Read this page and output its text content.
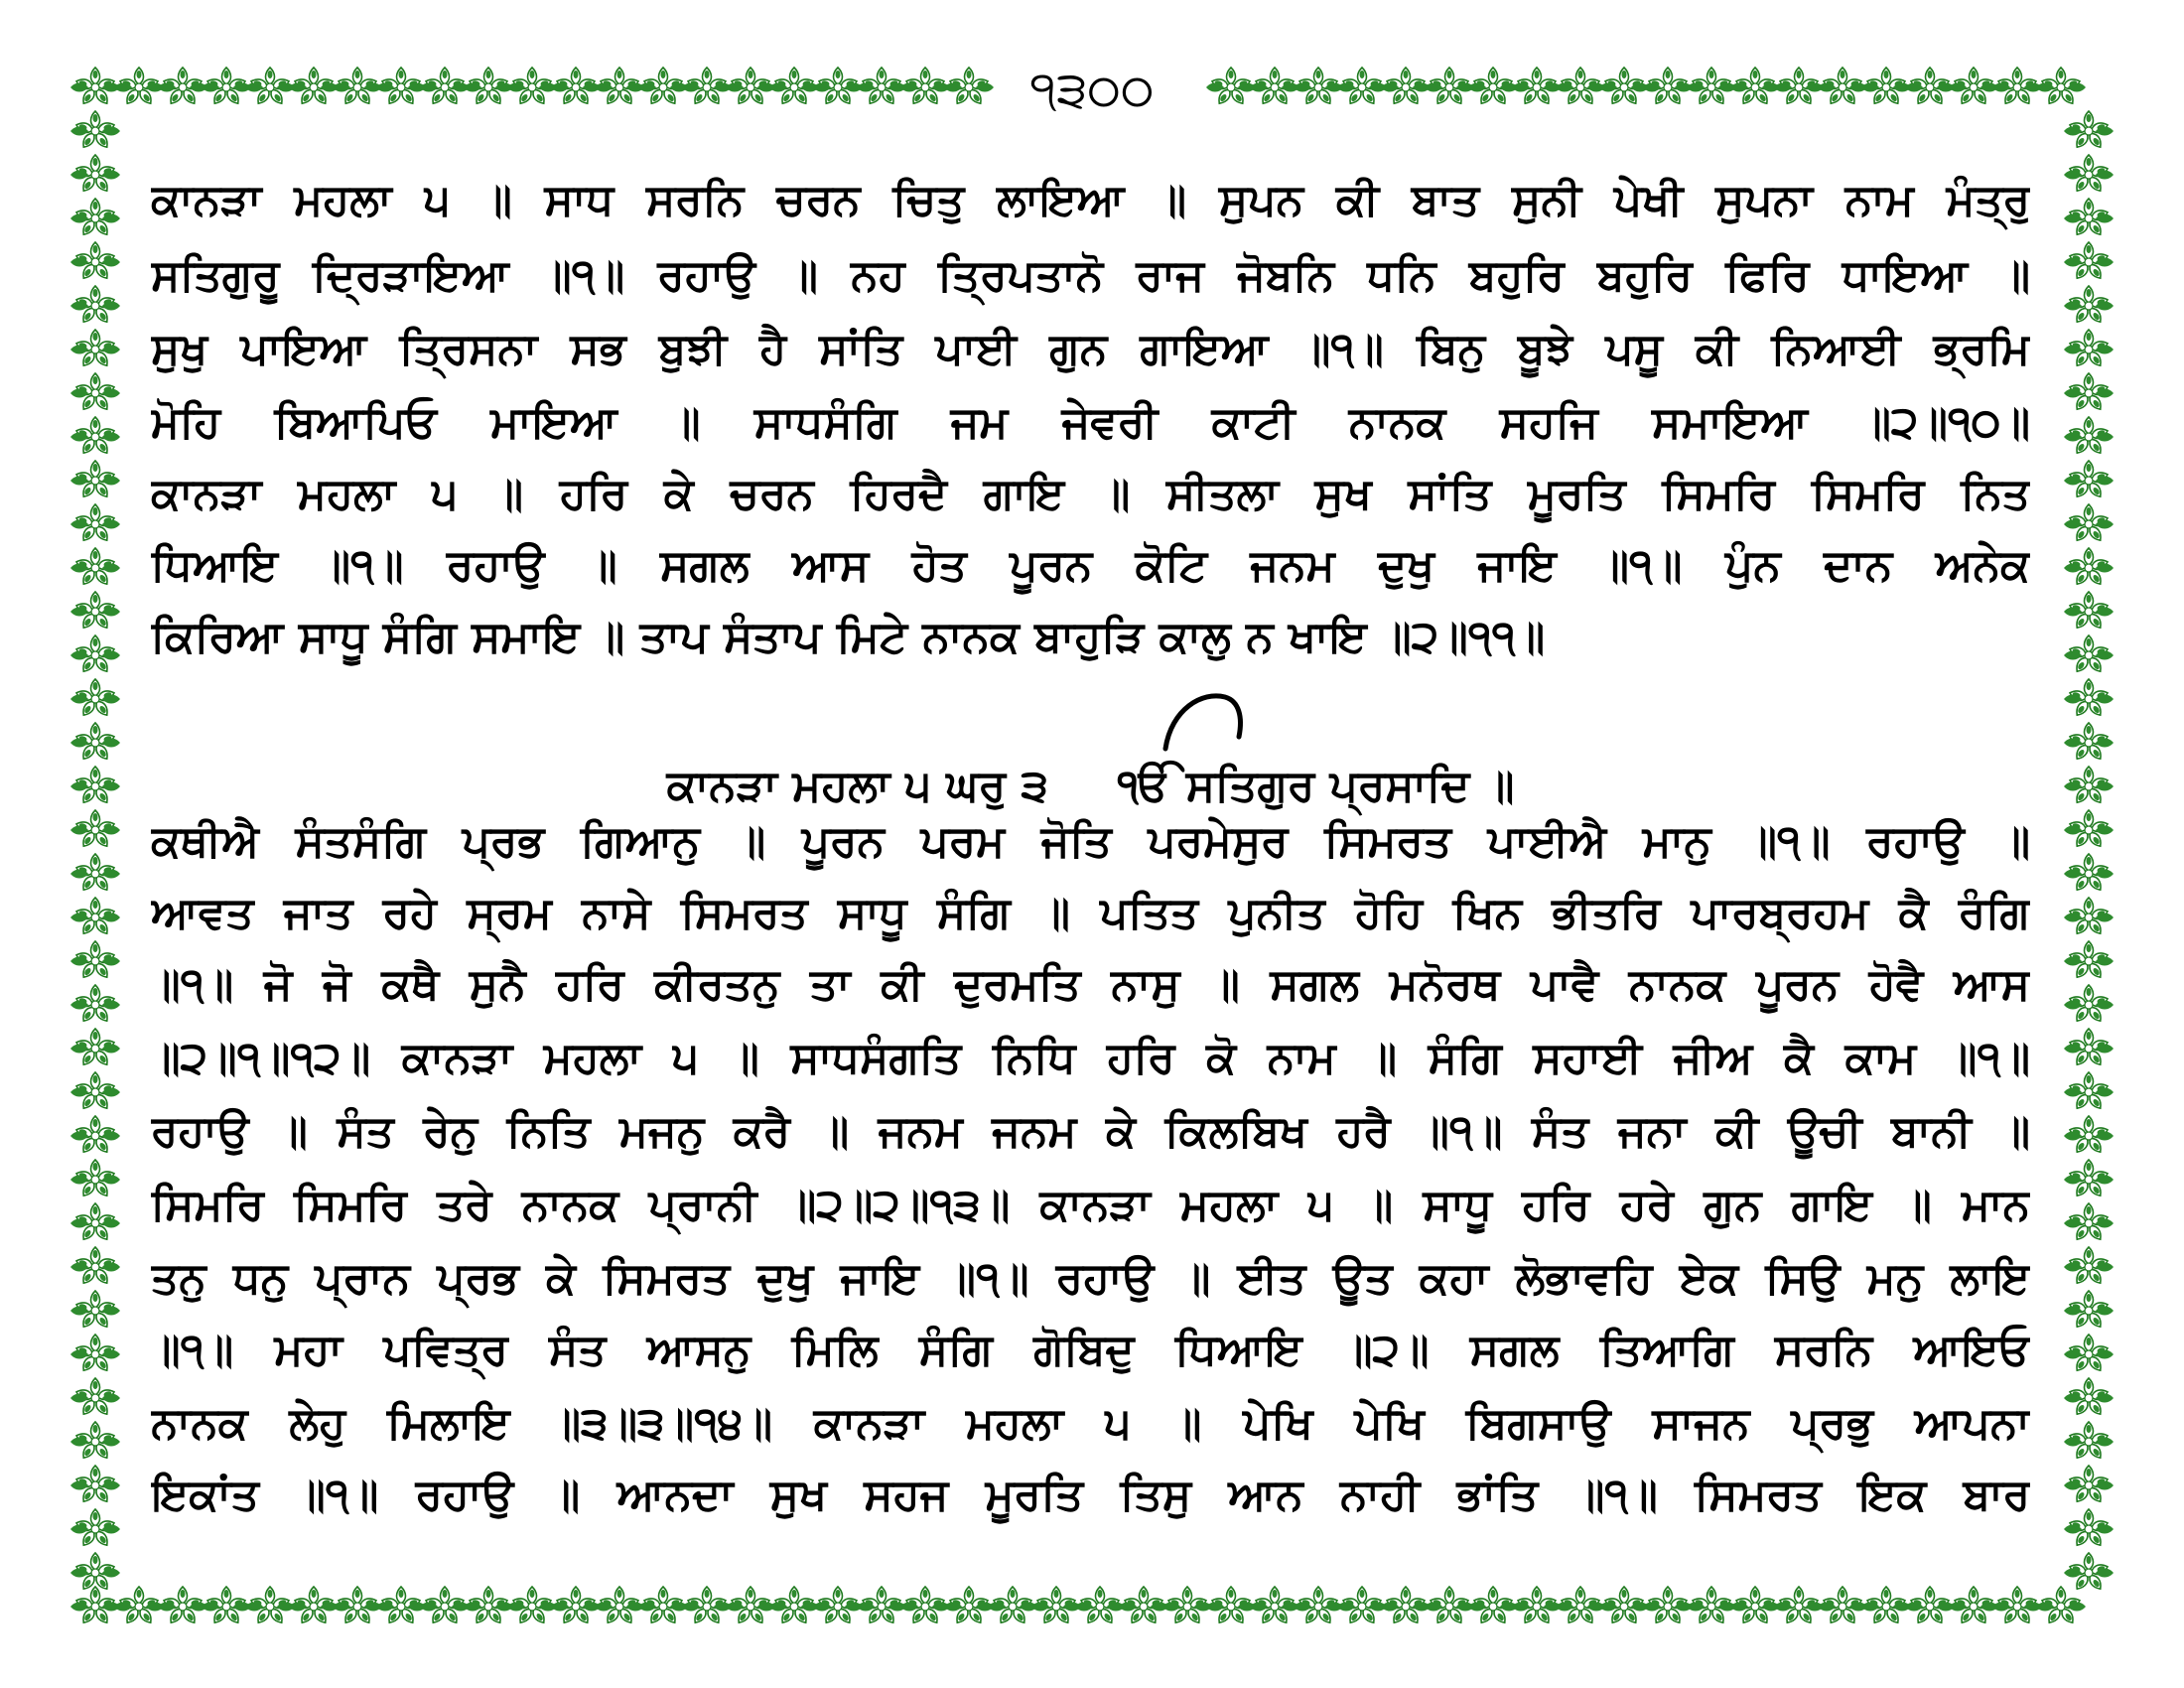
੧੩੦੦
ਕਾਨੜਾ ਮਹਲਾ ੫ ॥ ਸਾਧ ਸਰਨਿ ਚਰਨ ਚਿਤੁ ਲਾਇਆ ॥ ਸੁਪਨ ਕੀ ਬਾਤ ਸੁਨੀ ਪੇਖੀ ਸੁਪਨਾ ਨਾਮ ਮੰਤ੍ਰੁ
ਸਤਿਗੁਰੂ ਦ੍ਰਿੜਾਇਆ ॥੧॥ ਰਹਾਉ ॥ ਨਹ ਤ੍ਰਿਪਤਾਨੋ ਰਾਜ ਜੋਬਨਿ ਧਨਿ ਬਹੁਰਿ ਬਹੁਰਿ ਫਿਰਿ ਧਾਇਆ ॥
ਸੁਖੁ ਪਾਇਆ ਤ੍ਰਿਸਨਾ ਸਭ ਬੁਝੀ ਹੈ ਸਾਂਤਿ ਪਾਈ ਗੁਨ ਗਾਇਆ ॥੧॥ ਬਿਨੁ ਬੂਝੇ ਪਸੂ ਕੀ ਨਿਆਈ ਭ੍ਰਮਿ
ਮੋਹਿ ਬਿਆਪਿਓ ਮਾਇਆ ॥ ਸਾਧਸੰਗਿ ਜਮ ਜੇਵਰੀ ਕਾਟੀ ਨਾਨਕ ਸਹਜਿ ਸਮਾਇਆ ॥੨॥੧੦॥
ਕਾਨੜਾ ਮਹਲਾ ੫ ॥ ਹਰਿ ਕੇ ਚਰਨ ਹਿਰਦੈ ਗਾਇ ॥ ਸੀਤਲਾ ਸੁਖ ਸਾਂਤਿ ਮੂਰਤਿ ਸਿਮਰਿ ਸਿਮਰਿ ਨਿਤ
ਧਿਆਇ ॥੧॥ ਰਹਾਉ ॥ ਸਗਲ ਆਸ ਹੋਤ ਪੂਰਨ ਕੋਟਿ ਜਨਮ ਦੁਖੁ ਜਾਇ ॥੧॥ ਪੁੰਨ ਦਾਨ ਅਨੇਕ
ਕਿਰਿਆ ਸਾਧੂ ਸੰਗਿ ਸਮਾਇ ॥ ਤਾਪ ਸੰਤਾਪ ਮਿਟੇ ਨਾਨਕ ਬਾਹੁੜਿ ਕਾਲੁ ਨ ਖਾਇ ॥੨॥੧੧॥
ਕਾਨੜਾ ਮਹਲਾ ੫ ਘਰੁ ੩ ੴ ਸਤਿਗੁਰ ਪ੍ਰਸਾਦਿ ॥
ਕਥੀਐ ਸੰਤਸੰਗਿ ਪ੍ਰਭ ਗਿਆਨੁ ॥ ਪੂਰਨ ਪਰਮ ਜੋਤਿ ਪਰਮੇਸੁਰ ਸਿਮਰਤ ਪਾਈਐ ਮਾਨੁ ॥੧॥ ਰਹਾਉ ॥
ਆਵਤ ਜਾਤ ਰਹੇ ਸ੍ਰਮ ਨਾਸੇ ਸਿਮਰਤ ਸਾਧੂ ਸੰਗਿ ॥ ਪਤਿਤ ਪੁਨੀਤ ਹੋਹਿ ਖਿਨ ਭੀਤਰਿ ਪਾਰਬ੍ਰਹਮ ਕੈ ਰੰਗਿ
॥੧॥ ਜੋ ਜੋ ਕਥੈ ਸੁਨੈ ਹਰਿ ਕੀਰਤਨੁ ਤਾ ਕੀ ਦੁਰਮਤਿ ਨਾਸੁ ॥ ਸਗਲ ਮਨੋਰਥ ਪਾਵੈ ਨਾਨਕ ਪੂਰਨ ਹੋਵੈ ਆਸ
॥੨॥੧॥੧੨॥ ਕਾਨੜਾ ਮਹਲਾ ੫ ॥ ਸਾਧਸੰਗਤਿ ਨਿਧਿ ਹਰਿ ਕੋ ਨਾਮ ॥ ਸੰਗਿ ਸਹਾਈ ਜੀਅ ਕੈ ਕਾਮ ॥੧॥
ਰਹਾਉ ॥ ਸੰਤ ਰੇਨੁ ਨਿਤਿ ਮਜਨੁ ਕਰੈ ॥ ਜਨਮ ਜਨਮ ਕੇ ਕਿਲਬਿਖ ਹਰੈ ॥੧॥ ਸੰਤ ਜਨਾ ਕੀ ਊਚੀ ਬਾਨੀ ॥
ਸਿਮਰਿ ਸਿਮਰਿ ਤਰੇ ਨਾਨਕ ਪ੍ਰਾਨੀ ॥੨॥੨॥੧੩॥ ਕਾਨੜਾ ਮਹਲਾ ੫ ॥ ਸਾਧੂ ਹਰਿ ਹਰੇ ਗੁਨ ਗਾਇ ॥ ਮਾਨ
ਤਨੁ ਧਨੁ ਪ੍ਰਾਨ ਪ੍ਰਭ ਕੇ ਸਿਮਰਤ ਦੁਖੁ ਜਾਇ ॥੧॥ ਰਹਾਉ ॥ ਈਤ ਊਤ ਕਹਾ ਲੋਭਾਵਹਿ ਏਕ ਸਿਉ ਮਨੁ ਲਾਇ
॥੧॥ ਮਹਾ ਪਵਿਤ੍ਰ ਸੰਤ ਆਸਨੁ ਮਿਲਿ ਸੰਗਿ ਗੋਬਿਦੁ ਧਿਆਇ ॥੨॥ ਸਗਲ ਤਿਆਗਿ ਸਰਨਿ ਆਇਓ
ਨਾਨਕ ਲੇਹੁ ਮਿਲਾਇ ॥੩॥੩॥੧੪॥ ਕਾਨੜਾ ਮਹਲਾ ੫ ॥ ਪੇਖਿ ਪੇਖਿ ਬਿਗਸਾਉ ਸਾਜਨ ਪ੍ਰਭੁ ਆਪਨਾ
ਇਕਾਂਤ ॥੧॥ ਰਹਾਉ ॥ ਆਨਦਾ ਸੁਖ ਸਹਜ ਮੂਰਤਿ ਤਿਸੁ ਆਨ ਨਾਹੀ ਭਾਂਤਿ ॥੧॥ ਸਿਮਰਤ ਇਕ ਬਾਰ
